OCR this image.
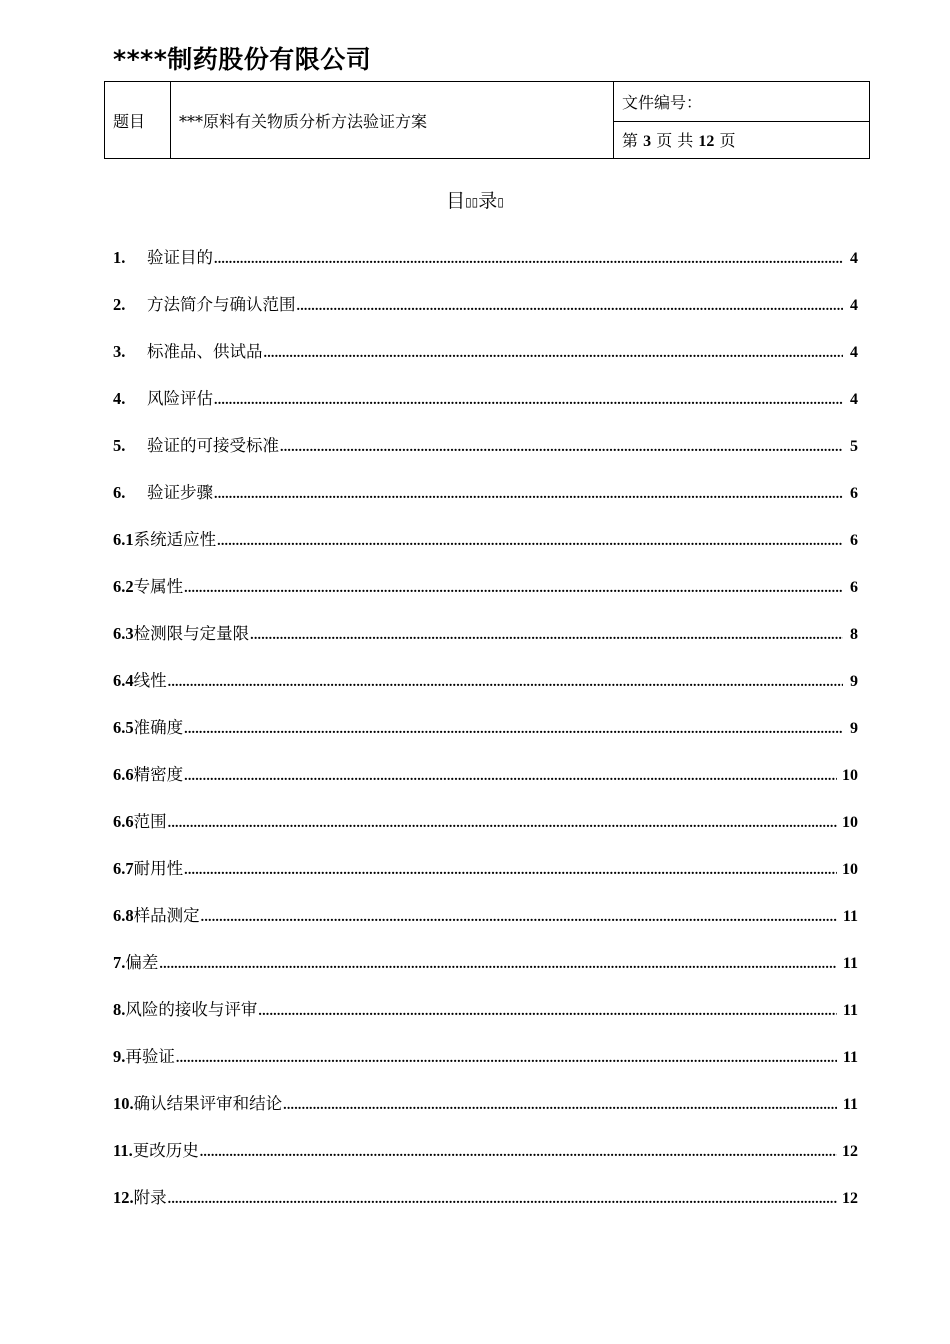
****制药股份有限公司
题目	***原料有关物质分析方法验证方案	文件编号：
第 3 页 共 12 页
目▯▯录▯
1.	验证目的 .....	4
2.	方法简介与确认范围 .....	4
3.	标准品、供试品 .....	4
4.	风险评估 .....	4
5.	验证的可接受标准 .....	5
6.	验证步骤 .....	6
6.1 系统适应性 .....	6
6.2 专属性 .....	6
6.3 检测限与定量限 .....	8
6.4 线性 .....	9
6.5 准确度 .....	9
6.6 精密度 .....	10
6.6 范围 .....	10
6.7 耐用性 .....	10
6.8 样品测定 .....	11
7. 偏差 .....	11
8. 风险的接收与评审 .....	11
9. 再验证 .....	11
10. 确认结果评审和结论 .....	11
11. 更改历史 .....	12
12. 附录 .....	12
